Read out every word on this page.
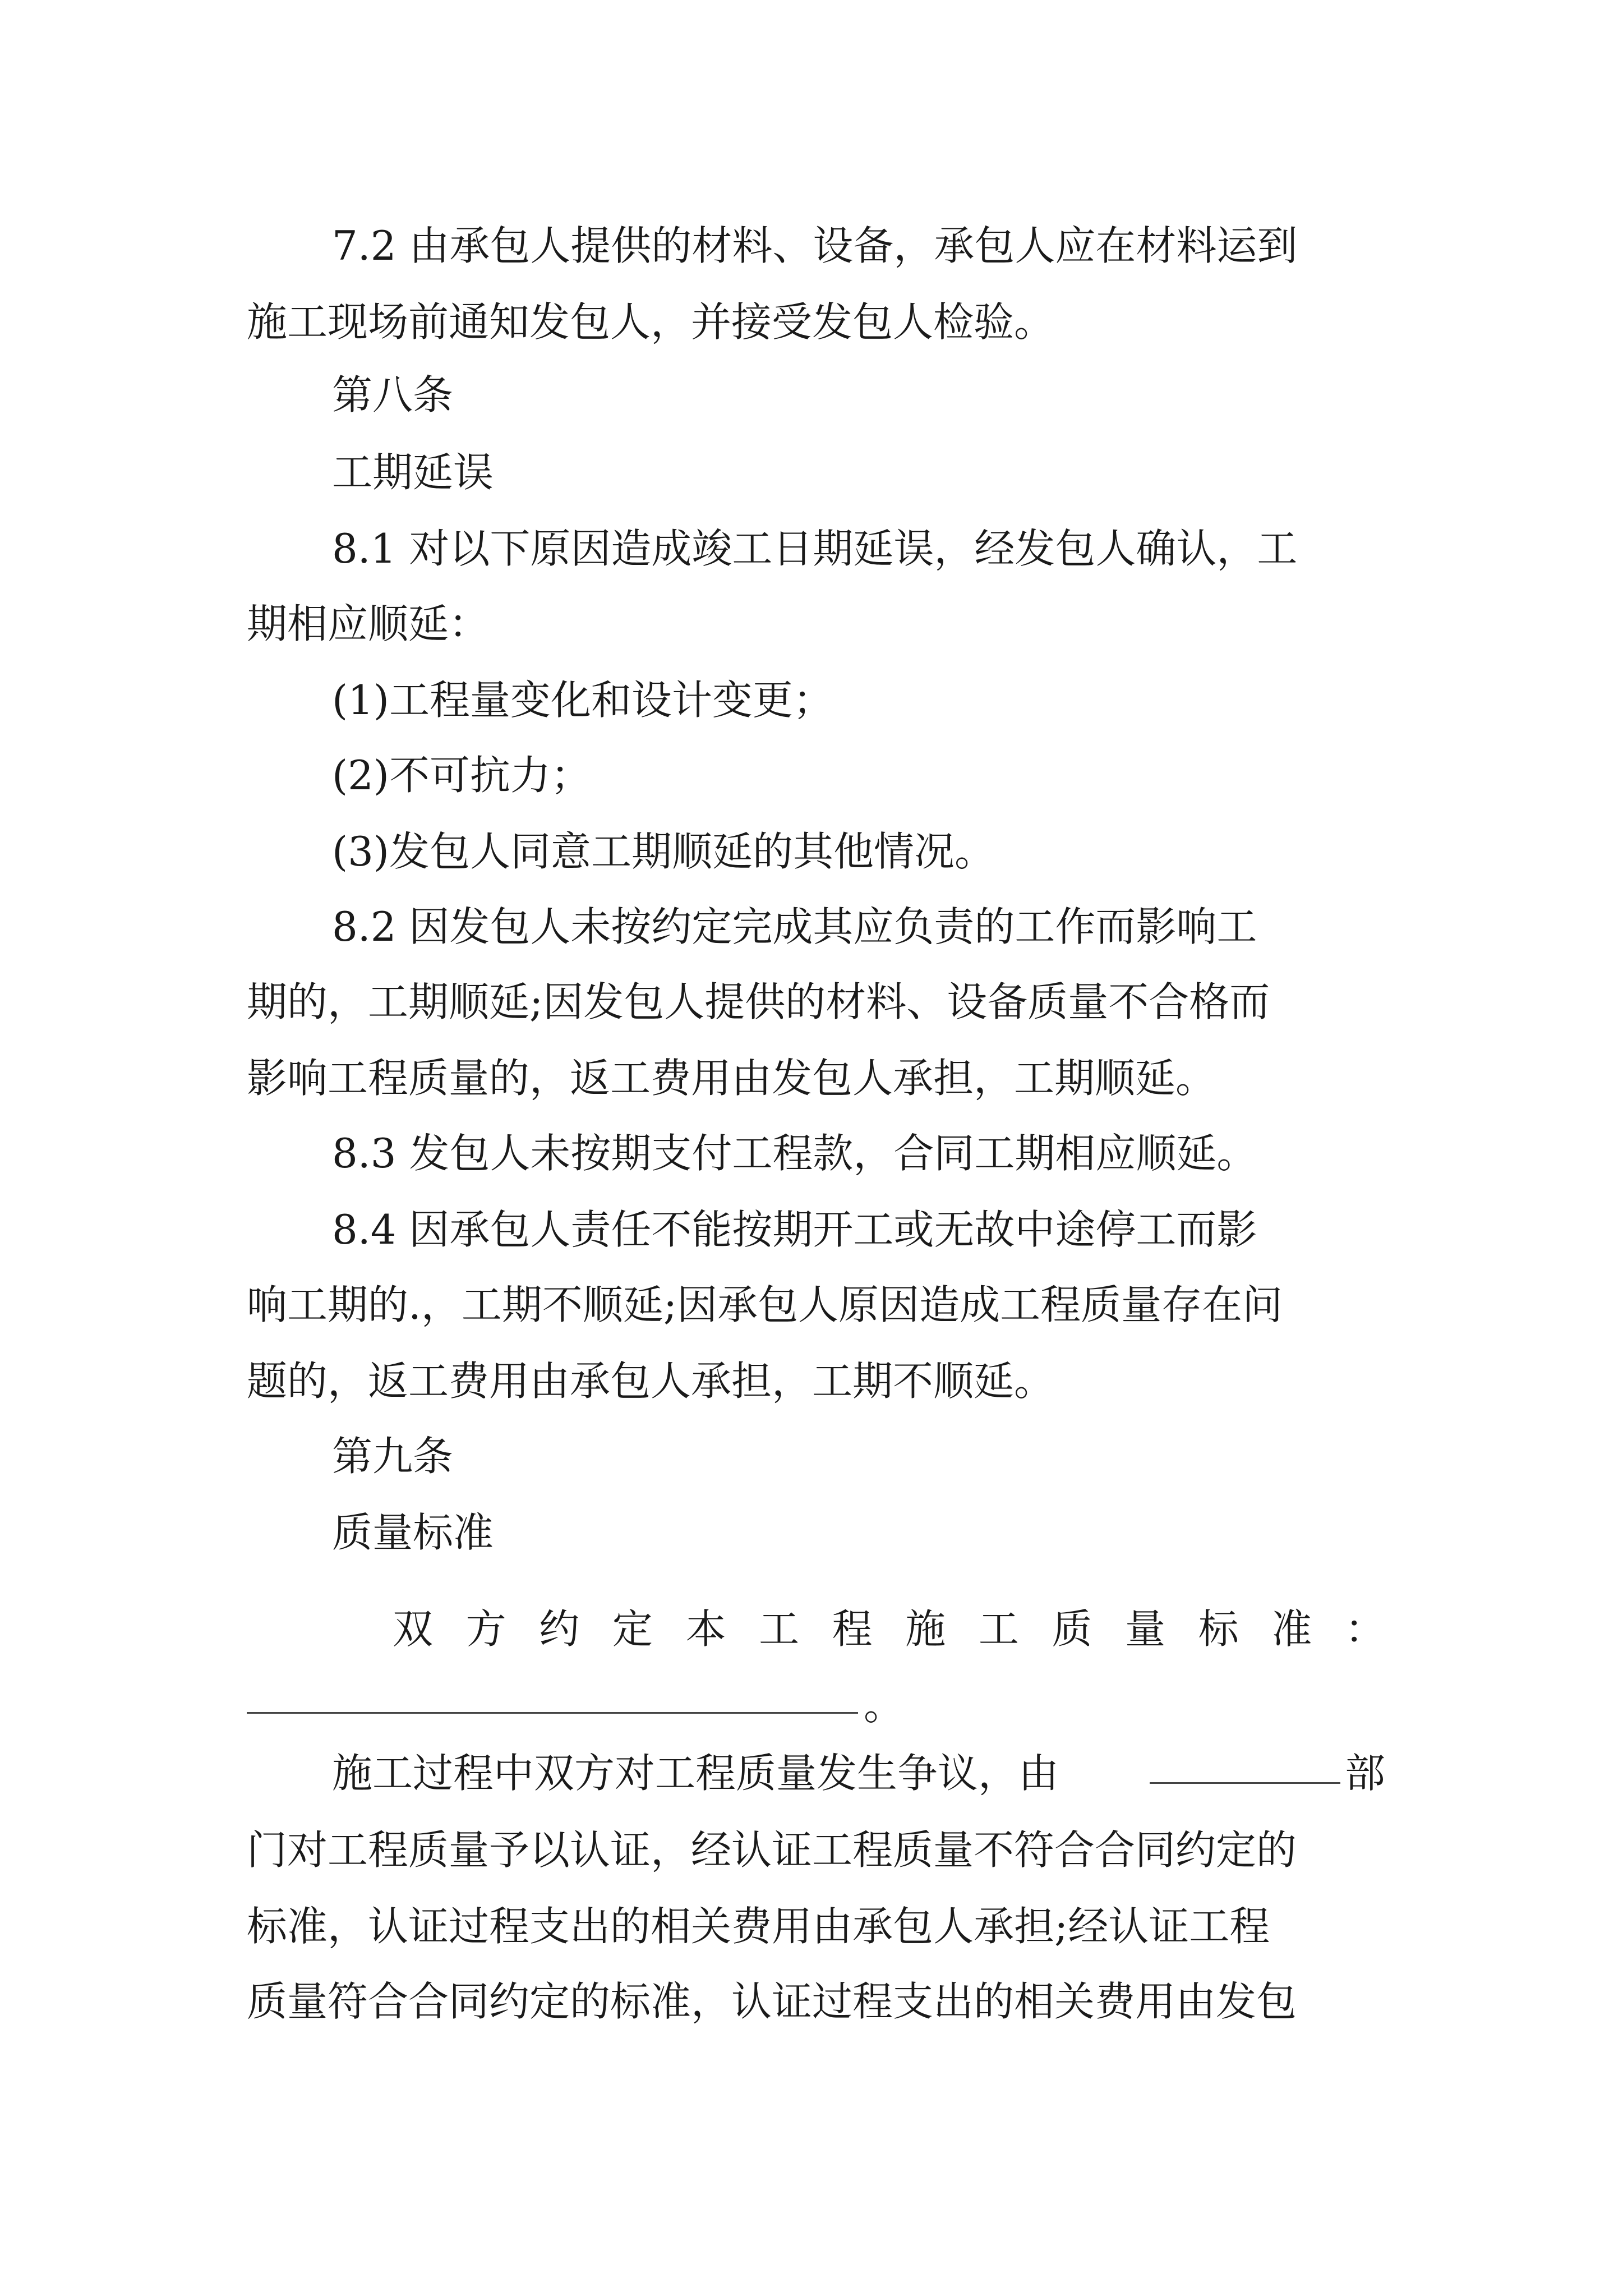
7.2 由承包人提供的材料、设备，承包人应在材料运到
施工现场前通知发包人，并接受发包人检验。
第八条
工期延误
8.1 对以下原因造成竣工日期延误，经发包人确认，工
期相应顺延：
(1)工程量变化和设计变更；
(2)不可抗力；
(3)发包人同意工期顺延的其他情况。
8.2 因发包人未按约定完成其应负责的工作而影响工
期的，工期顺延;因发包人提供的材料、设备质量不合格而
影响工程质量的，返工费用由发包人承担，工期顺延。
8.3 发包人未按期支付工程款，合同工期相应顺延。
8.4 因承包人责任不能按期开工或无故中途停工而影
响工期的.，工期不顺延;因承包人原因造成工程质量存在问
题的，返工费用由承包人承担，工期不顺延。
第九条
质量标准
双方约定本工程施工质量标准：
。
施工过程中双方对工程质量发生争议，由	部
门对工程质量予以认证，经认证工程质量不符合合同约定的
标准，认证过程支出的相关费用由承包人承担;经认证工程
质量符合合同约定的标准，认证过程支出的相关费用由发包
